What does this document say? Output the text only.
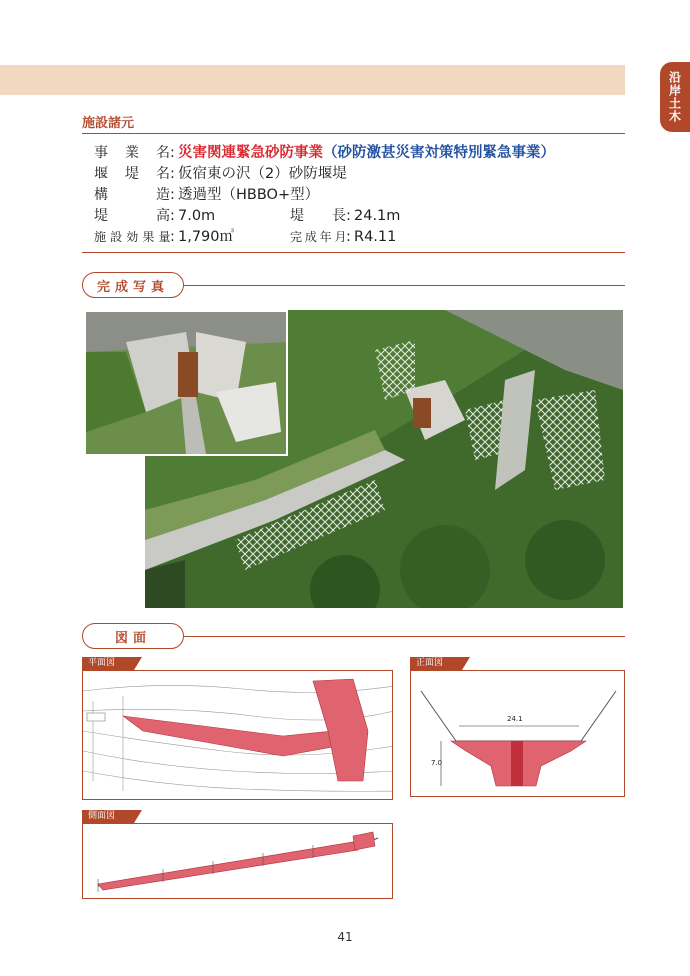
沿岸土木
施設諸元
事業名: 災害関連緊急砂防事業（砂防激甚災害対策特別緊急事業）
堰堤名: 仮宿東の沢（2）砂防堰堤
構造: 透過型（HBBO+型）
堤高: 7.0m	堤長: 24.1m
施設効果量: 1,790㎥	完成年月: R4.11
完成写真
図面
平面図	正面図
24.1
7.0
側面図
41
